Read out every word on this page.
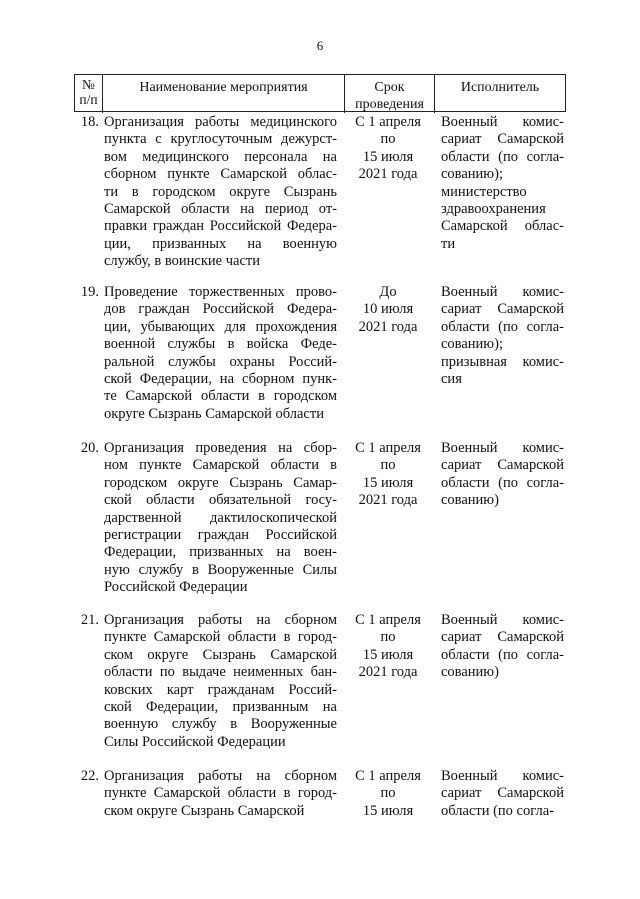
6
№
п/п
Наименование мероприятия	Срок
проведения
Исполнитель
18. Организация работы медицинского
пункта с круглосуточным дежурст-
вом медицинского персонала на
сборном пункте Самарской облас-
ти в городском округе Сызрань
Самарской области на период от-
правки граждан Российской Федера-
ции, призванных на военную
службу, в воинские части
С 1 апреля
по
15 июля
2021 года
Военный комис-
сариат Самарской
области (по согла-
сованию);
министерство
здравоохранения
Самарской облас-
ти
19. Проведение торжественных прово-
дов граждан Российской Федера-
ции, убывающих для прохождения
военной службы в войска Феде-
ральной службы охраны Россий-
ской Федерации, на сборном пунк-
те Самарской области в городском
округе Сызрань Самарской области
До
10 июля
2021 года
Военный комис-
сариат Самарской
области (по согла-
сованию);
призывная комис-
сия
20. Организация проведения на сбор-
ном пункте Самарской области в
городском округе Сызрань Самар-
ской области обязательной госу-
дарственной дактилоскопической
регистрации граждан Российской
Федерации, призванных на воен-
ную службу в Вооруженные Силы
Российской Федерации
С 1 апреля
по
15 июля
2021 года
Военный комис-
сариат Самарской
области (по согла-
сованию)
21. Организация работы на сборном
пункте Самарской области в город-
ском округе Сызрань Самарской
области по выдаче неименных бан-
ковских карт гражданам Россий-
ской Федерации, призванным на
военную службу в Вооруженные
Силы Российской Федерации
С 1 апреля
по
15 июля
2021 года
Военный комис-
сариат Самарской
области (по согла-
сованию)
22. Организация работы на сборном
пункте Самарской области в город-
ском округе Сызрань Самарской
С 1 апреля
по
15 июля
Военный комис-
сариат Самарской
области (по согла-
